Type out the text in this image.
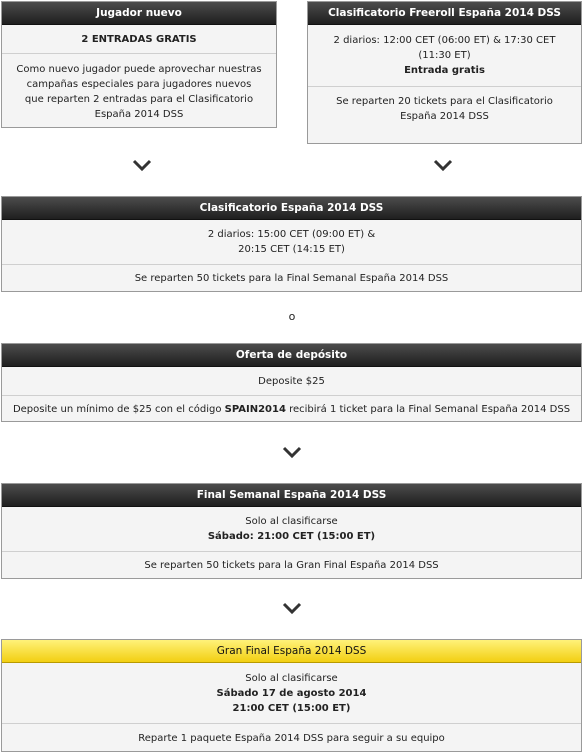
Jugador nuevo
2 ENTRADAS GRATIS
Como nuevo jugador puede aprovechar nuestras campañas especiales para jugadores nuevos que reparten 2 entradas para el Clasificatorio España 2014 DSS
Clasificatorio Freeroll España 2014 DSS
2 diarios: 12:00 CET (06:00 ET) & 17:30 CET (11:30 ET)
Entrada gratis
Se reparten 20 tickets para el Clasificatorio España 2014 DSS
Clasificatorio España 2014 DSS
2 diarios: 15:00 CET (09:00 ET) &
20:15 CET (14:15 ET)
Se reparten 50 tickets para la Final Semanal España 2014 DSS
o
Oferta de depósito
Deposite $25
Deposite un mínimo de $25 con el código SPAIN2014 recibirá 1 ticket para la Final Semanal España 2014 DSS
Final Semanal España 2014 DSS
Solo al clasificarse
Sábado: 21:00 CET (15:00 ET)
Se reparten 50 tickets para la Gran Final España 2014 DSS
Gran Final España 2014 DSS
Solo al clasificarse
Sábado 17 de agosto 2014
21:00 CET (15:00 ET)
Reparte 1 paquete España 2014 DSS para seguir a su equipo
